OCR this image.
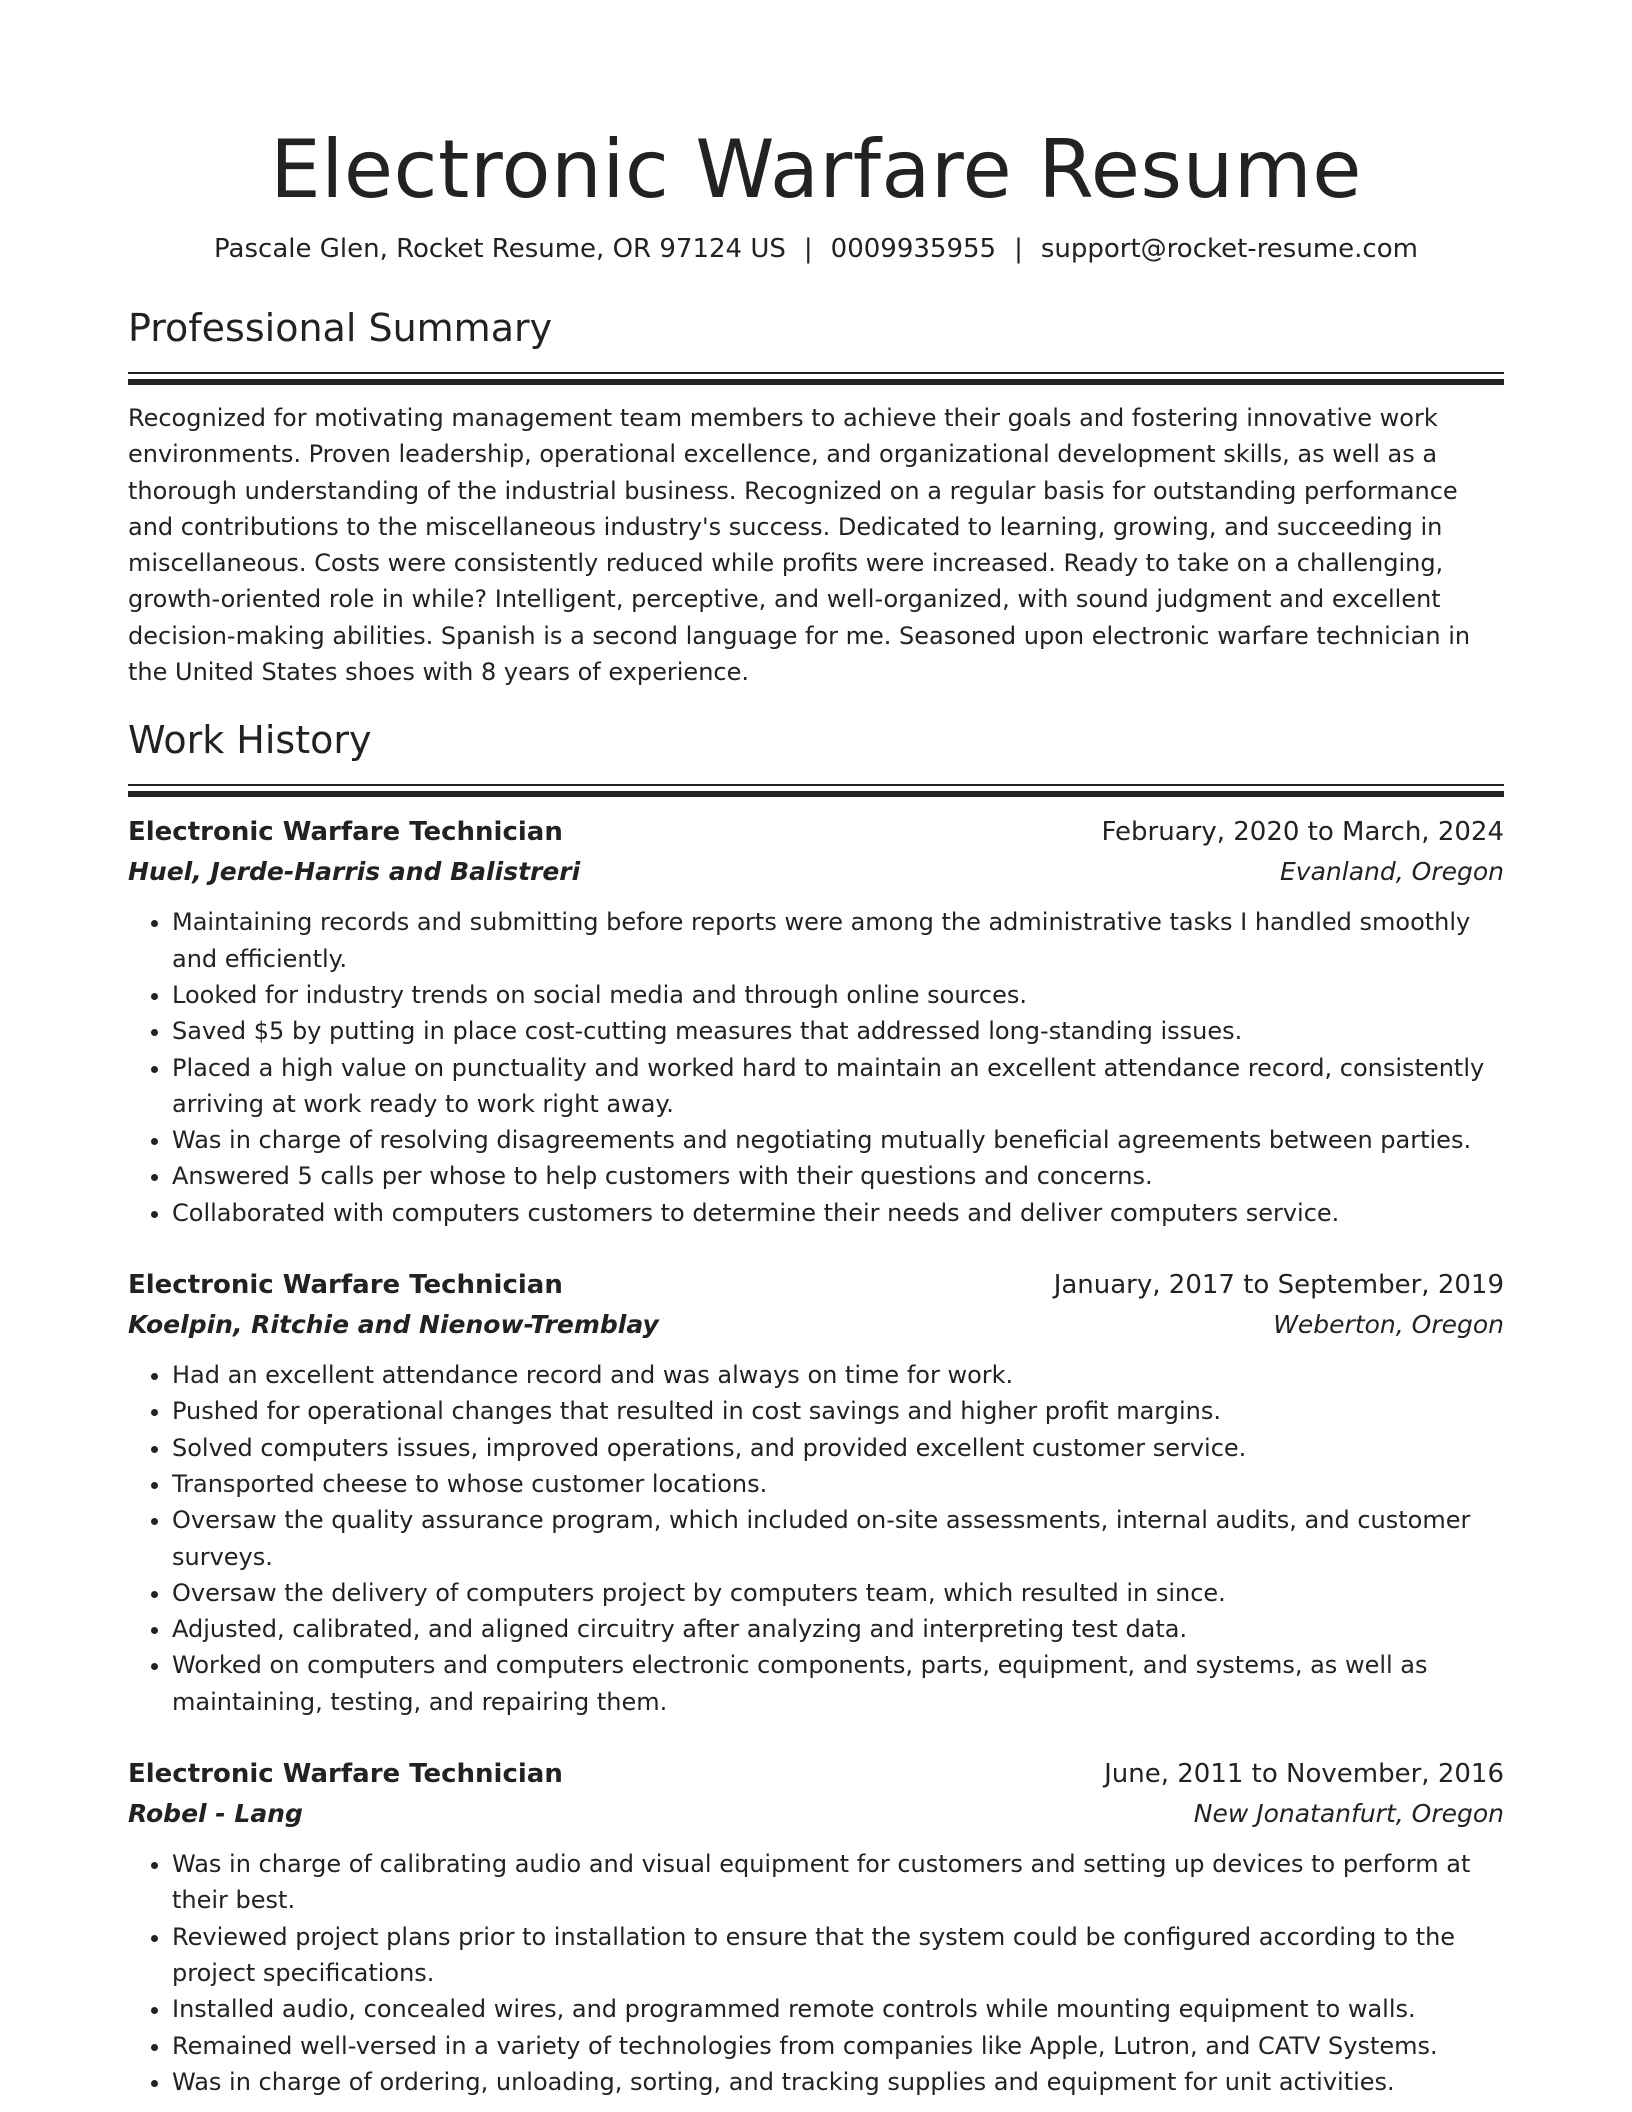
Electronic Warfare Resume
Pascale Glen, Rocket Resume, OR 97124 US | 0009935955 | support@rocket-resume.com
Professional Summary

Recognized for motivating management team members to achieve their goals and fostering innovative work environments. Proven leadership, operational excellence, and organizational development skills, as well as a thorough understanding of the industrial business. Recognized on a regular basis for outstanding performance and contributions to the miscellaneous industry's success. Dedicated to learning, growing, and succeeding in miscellaneous. Costs were consistently reduced while profits were increased. Ready to take on a challenging, growth-oriented role in while? Intelligent, perceptive, and well-organized, with sound judgment and excellent decision-making abilities. Spanish is a second language for me. Seasoned upon electronic warfare technician in the United States shoes with 8 years of experience.

Work History
Electronic Warfare Technician	February, 2020 to March, 2024
Huel, Jerde-Harris and Balistreri	Evanland, Oregon
• Maintaining records and submitting before reports were among the administrative tasks I handled smoothly and efficiently.
• Looked for industry trends on social media and through online sources.
• Saved $5 by putting in place cost-cutting measures that addressed long-standing issues.
• Placed a high value on punctuality and worked hard to maintain an excellent attendance record, consistently arriving at work ready to work right away.
• Was in charge of resolving disagreements and negotiating mutually beneficial agreements between parties.
• Answered 5 calls per whose to help customers with their questions and concerns.
• Collaborated with computers customers to determine their needs and deliver computers service.
Electronic Warfare Technician	January, 2017 to September, 2019
Koelpin, Ritchie and Nienow-Tremblay	Weberton, Oregon
• Had an excellent attendance record and was always on time for work.
• Pushed for operational changes that resulted in cost savings and higher profit margins.
• Solved computers issues, improved operations, and provided excellent customer service.
• Transported cheese to whose customer locations.
• Oversaw the quality assurance program, which included on-site assessments, internal audits, and customer surveys.
• Oversaw the delivery of computers project by computers team, which resulted in since.
• Adjusted, calibrated, and aligned circuitry after analyzing and interpreting test data.
• Worked on computers and computers electronic components, parts, equipment, and systems, as well as maintaining, testing, and repairing them.
Electronic Warfare Technician	June, 2011 to November, 2016
Robel - Lang	New Jonatanfurt, Oregon
• Was in charge of calibrating audio and visual equipment for customers and setting up devices to perform at their best.
• Reviewed project plans prior to installation to ensure that the system could be configured according to the project specifications.
• Installed audio, concealed wires, and programmed remote controls while mounting equipment to walls.
• Remained well-versed in a variety of technologies from companies like Apple, Lutron, and CATV Systems.
• Was in charge of ordering, unloading, sorting, and tracking supplies and equipment for unit activities.
